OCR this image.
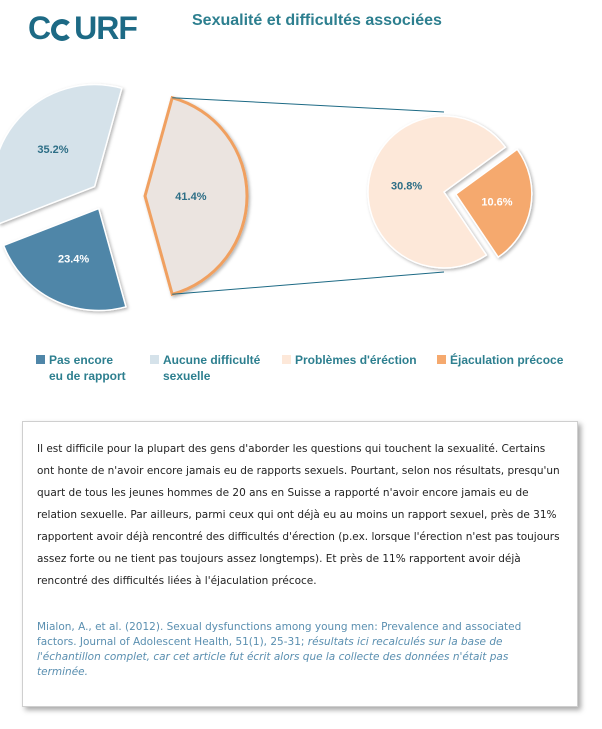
C URF	Sexualité et difficultés associées
41.4%
23.4%
35.2%
30.8%
10.6%
Pas encore
eu de rapport
Aucune difficulté
sexuelle
Problèmes d'éréction	Éjaculation précoce
Il est difficile pour la plupart des gens d'aborder les questions qui touchent la sexualité. Certains ont honte de n'avoir encore jamais eu de rapports sexuels. Pourtant, selon nos résultats, presqu'un quart de tous les jeunes hommes de 20 ans en Suisse a rapporté n'avoir encore jamais eu de relation sexuelle. Par ailleurs, parmi ceux qui ont déjà eu au moins un rapport sexuel, près de 31% rapportent avoir déjà rencontré des difficultés d'érection (p.ex. lorsque l'érection n'est pas toujours assez forte ou ne tient pas toujours assez longtemps). Et près de 11% rapportent avoir déjà rencontré des difficultés liées à l'éjaculation précoce.
Mialon, A., et al. (2012). Sexual dysfunctions among young men: Prevalence and associated factors. Journal of Adolescent Health, 51(1), 25-31; résultats ici recalculés sur la base de l'échantillon complet, car cet article fut écrit alors que la collecte des données n'était pas terminée.
